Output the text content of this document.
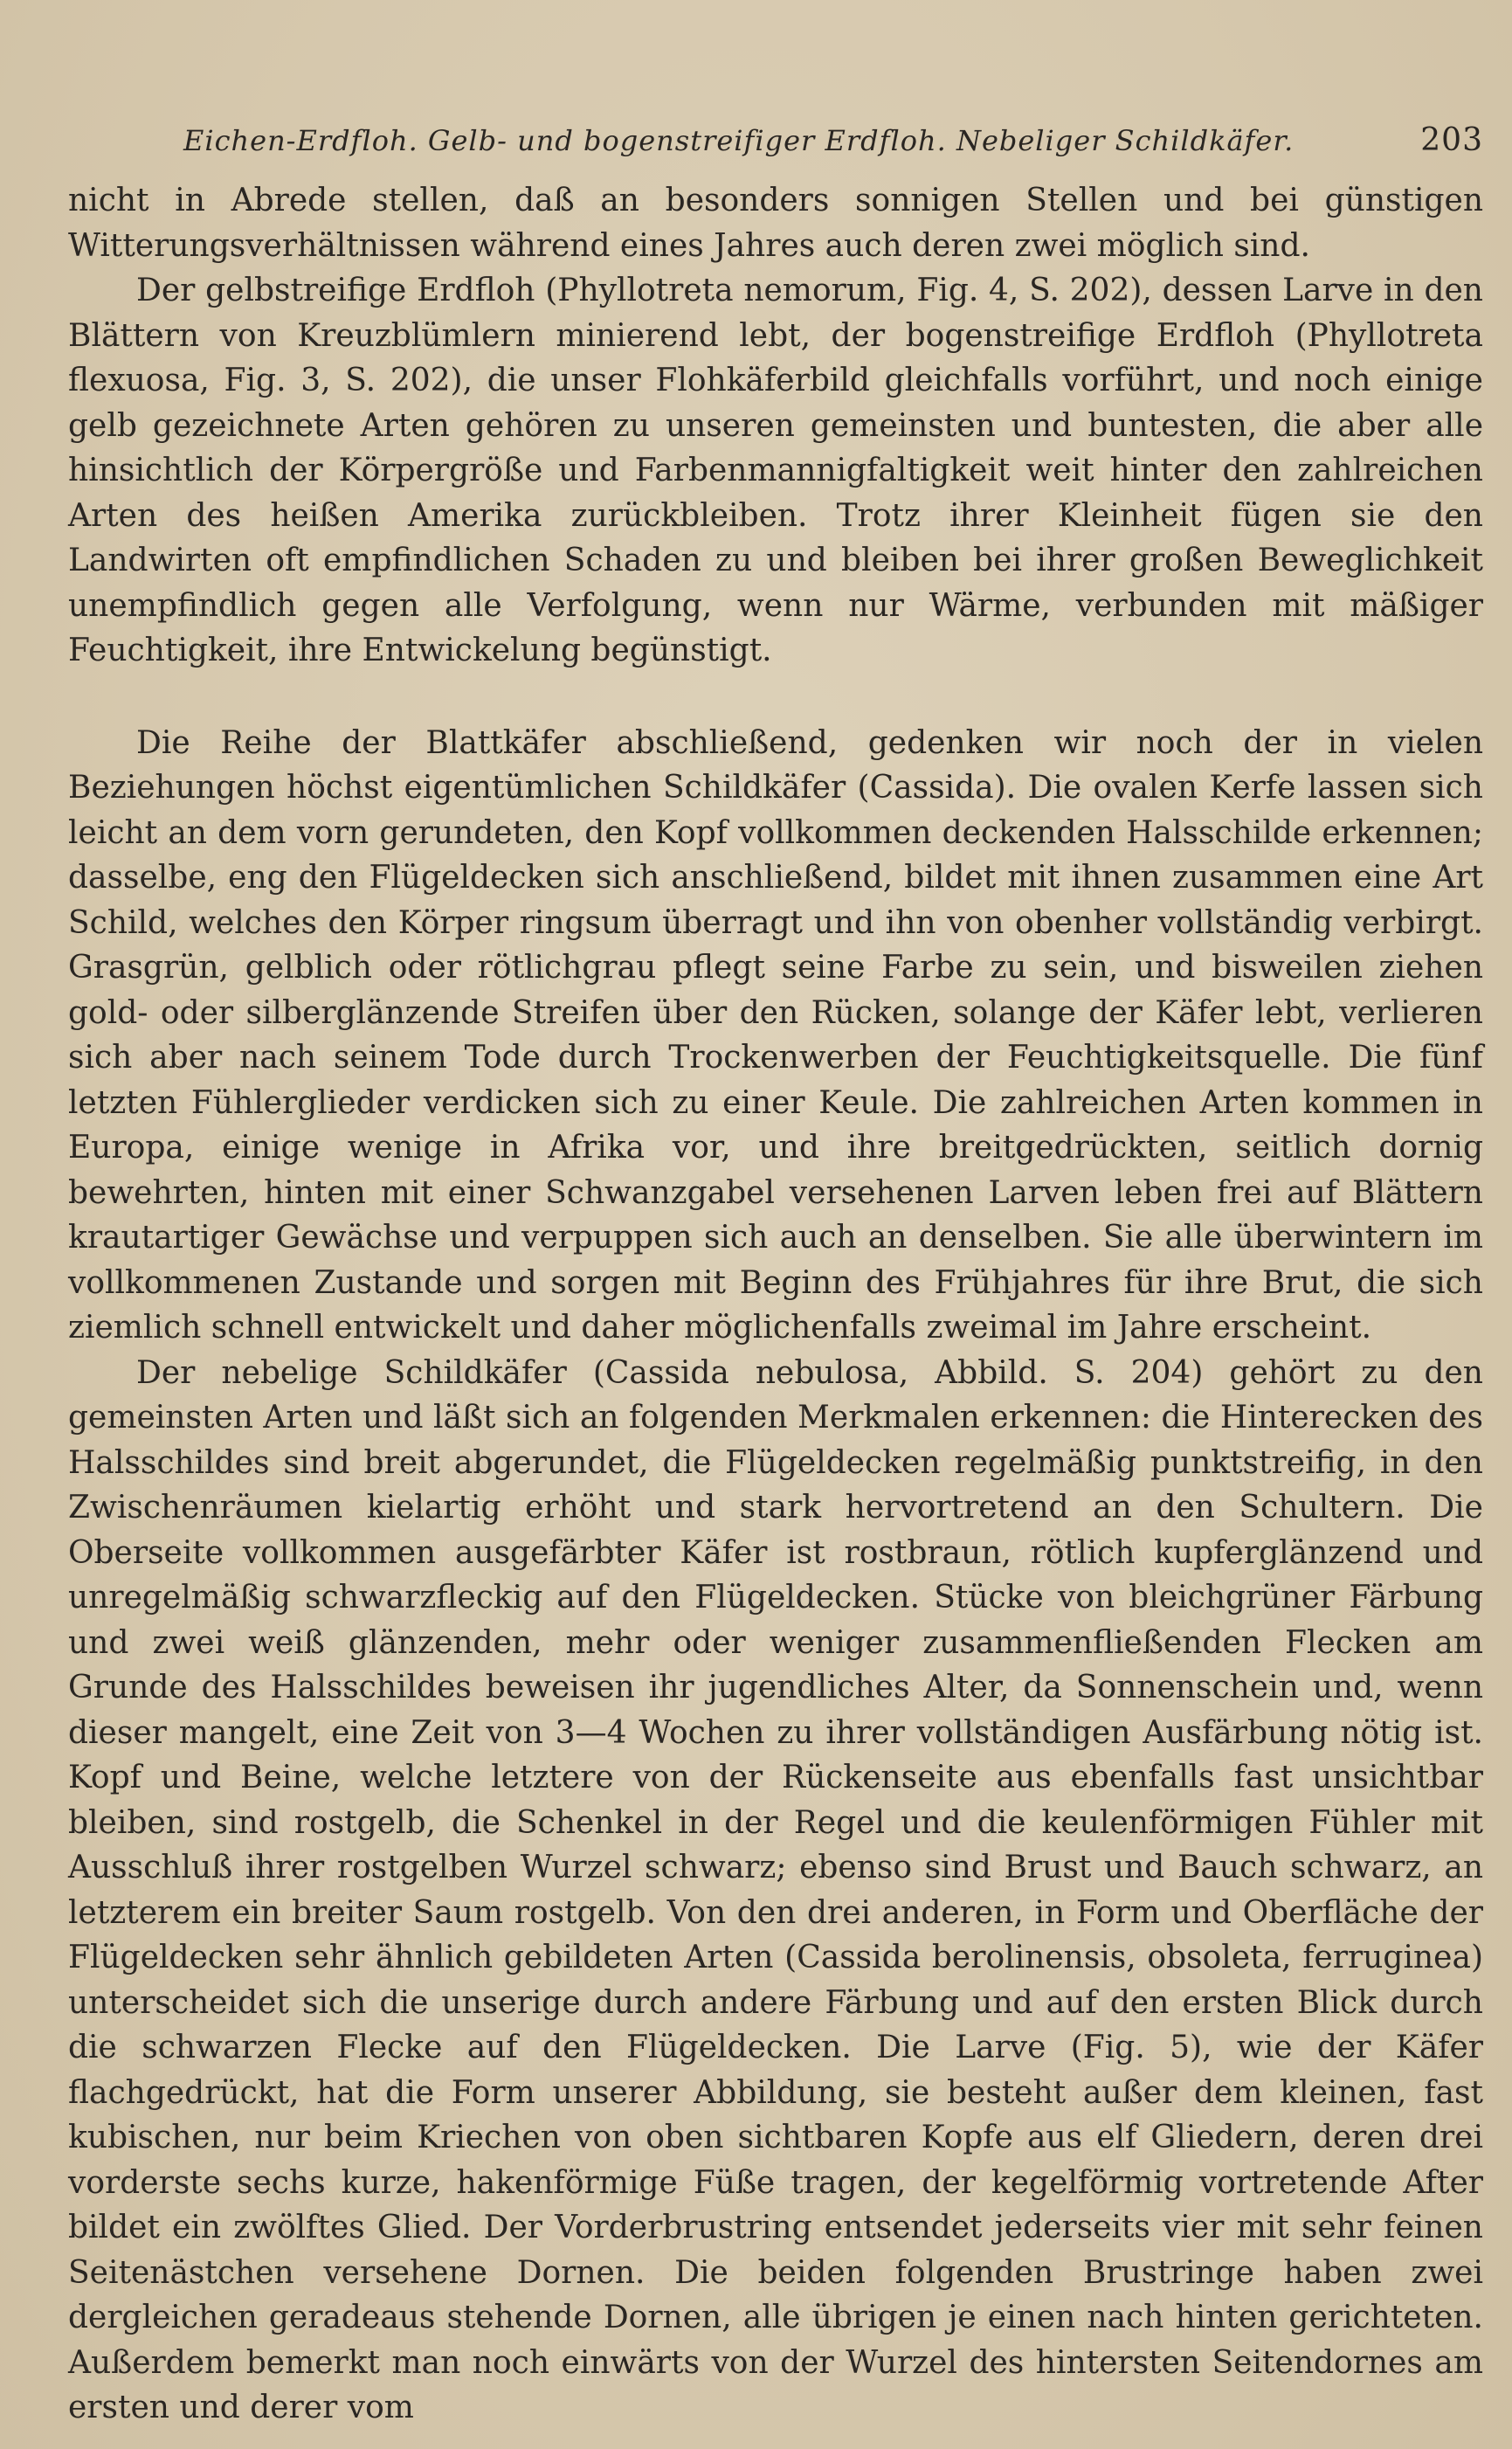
Eichen-Erdfloh. Gelb- und bogenstreifiger Erdfloh. Nebeliger Schildkäfer.	203

nicht in Abrede stellen, daß an besonders sonnigen Stellen und bei günstigen Witterungsverhältnissen während eines Jahres auch deren zwei möglich sind.

Der gelbstreifige Erdfloh (Phyllotreta nemorum, Fig. 4, S. 202), dessen Larve in den Blättern von Kreuzblümlern minierend lebt, der bogenstreifige Erdfloh (Phyllotreta flexuosa, Fig. 3, S. 202), die unser Flohkäferbild gleichfalls vorführt, und noch einige gelb gezeichnete Arten gehören zu unseren gemeinsten und buntesten, die aber alle hinsichtlich der Körpergröße und Farbenmannigfaltigkeit weit hinter den zahlreichen Arten des heißen Amerika zurückbleiben. Trotz ihrer Kleinheit fügen sie den Landwirten oft empfindlichen Schaden zu und bleiben bei ihrer großen Beweglichkeit unempfindlich gegen alle Verfolgung, wenn nur Wärme, verbunden mit mäßiger Feuchtigkeit, ihre Entwickelung begünstigt.

Die Reihe der Blattkäfer abschließend, gedenken wir noch der in vielen Beziehungen höchst eigentümlichen Schildkäfer (Cassida). Die ovalen Kerfe lassen sich leicht an dem vorn gerundeten, den Kopf vollkommen deckenden Halsschilde erkennen; dasselbe, eng den Flügeldecken sich anschließend, bildet mit ihnen zusammen eine Art Schild, welches den Körper ringsum überragt und ihn von obenher vollständig verbirgt. Grasgrün, gelblich oder rötlichgrau pflegt seine Farbe zu sein, und bisweilen ziehen gold- oder silberglänzende Streifen über den Rücken, solange der Käfer lebt, verlieren sich aber nach seinem Tode durch Trockenwerben der Feuchtigkeitsquelle. Die fünf letzten Fühlerglieder verdicken sich zu einer Keule. Die zahlreichen Arten kommen in Europa, einige wenige in Afrika vor, und ihre breitgedrückten, seitlich dornig bewehrten, hinten mit einer Schwanzgabel versehenen Larven leben frei auf Blättern krautartiger Gewächse und verpuppen sich auch an denselben. Sie alle überwintern im vollkommenen Zustande und sorgen mit Beginn des Frühjahres für ihre Brut, die sich ziemlich schnell entwickelt und daher möglichenfalls zweimal im Jahre erscheint.

Der nebelige Schildkäfer (Cassida nebulosa, Abbild. S. 204) gehört zu den gemeinsten Arten und läßt sich an folgenden Merkmalen erkennen: die Hinterecken des Halsschildes sind breit abgerundet, die Flügeldecken regelmäßig punktstreifig, in den Zwischenräumen kielartig erhöht und stark hervortretend an den Schultern. Die Oberseite vollkommen ausgefärbter Käfer ist rostbraun, rötlich kupferglänzend und unregelmäßig schwarzfleckig auf den Flügeldecken. Stücke von bleichgrüner Färbung und zwei weiß glänzenden, mehr oder weniger zusammenfließenden Flecken am Grunde des Halsschildes beweisen ihr jugendliches Alter, da Sonnenschein und, wenn dieser mangelt, eine Zeit von 3—4 Wochen zu ihrer vollständigen Ausfärbung nötig ist. Kopf und Beine, welche letztere von der Rückenseite aus ebenfalls fast unsichtbar bleiben, sind rostgelb, die Schenkel in der Regel und die keulenförmigen Fühler mit Ausschluß ihrer rostgelben Wurzel schwarz; ebenso sind Brust und Bauch schwarz, an letzterem ein breiter Saum rostgelb. Von den drei anderen, in Form und Oberfläche der Flügeldecken sehr ähnlich gebildeten Arten (Cassida berolinensis, obsoleta, ferruginea) unterscheidet sich die unserige durch andere Färbung und auf den ersten Blick durch die schwarzen Flecke auf den Flügeldecken. Die Larve (Fig. 5), wie der Käfer flachgedrückt, hat die Form unserer Abbildung, sie besteht außer dem kleinen, fast kubischen, nur beim Kriechen von oben sichtbaren Kopfe aus elf Gliedern, deren drei vorderste sechs kurze, hakenförmige Füße tragen, der kegelförmig vortretende After bildet ein zwölftes Glied. Der Vorderbrustring entsendet jederseits vier mit sehr feinen Seitenästchen versehene Dornen. Die beiden folgenden Brustringe haben zwei dergleichen geradeaus stehende Dornen, alle übrigen je einen nach hinten gerichteten. Außerdem bemerkt man noch einwärts von der Wurzel des hintersten Seitendornes am ersten und derer vom
